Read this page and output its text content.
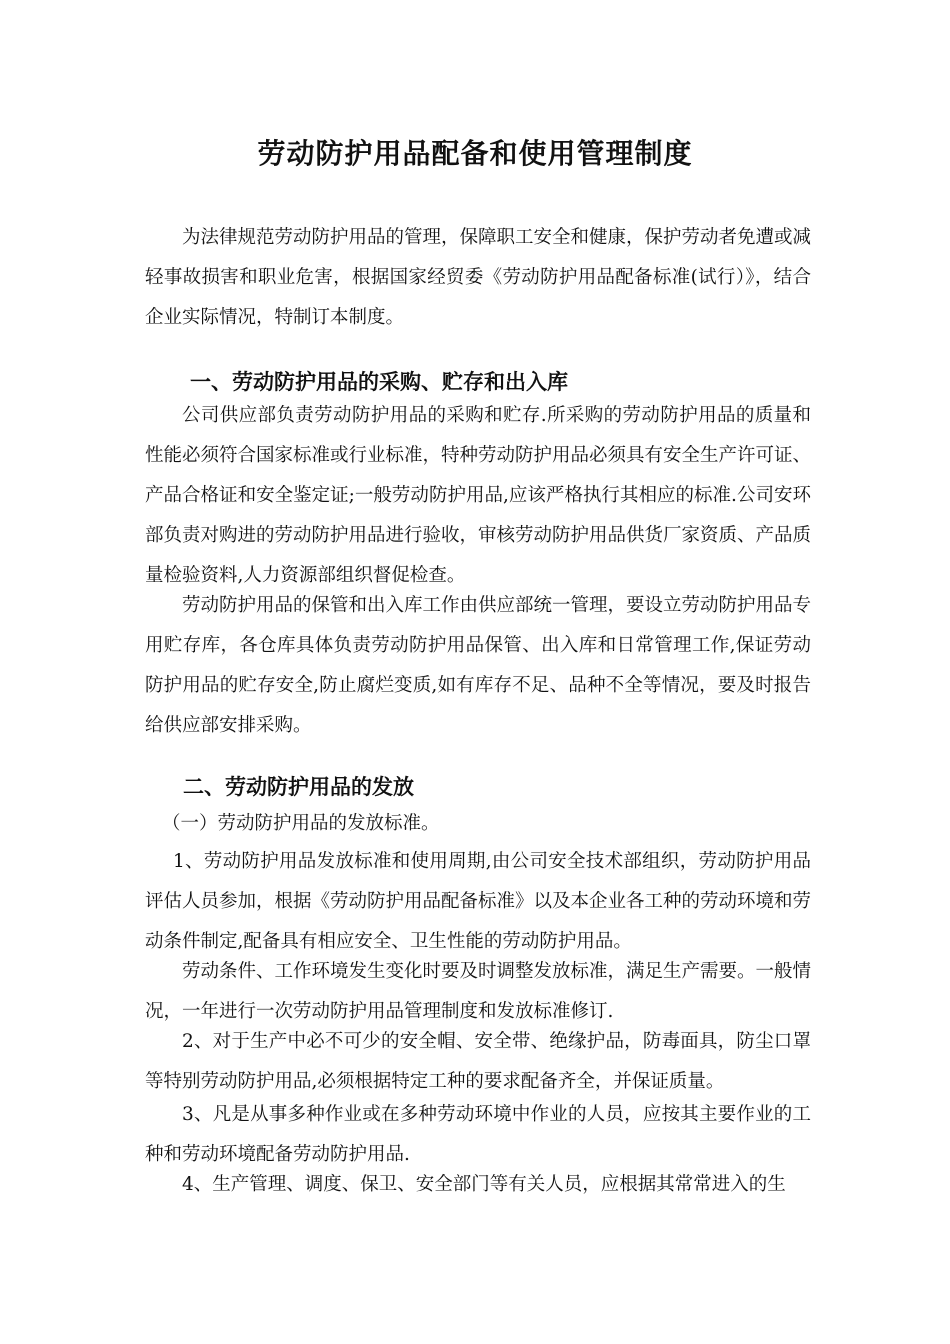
劳动防护用品配备和使用管理制度

为法律规范劳动防护用品的管理，保障职工安全和健康，保护劳动者免遭或减轻事故损害和职业危害，根据国家经贸委《劳动防护用品配备标准(试行）》，结合企业实际情况，特制订本制度。

一、劳动防护用品的采购、贮存和出入库

公司供应部负责劳动防护用品的采购和贮存.所采购的劳动防护用品的质量和性能必须符合国家标准或行业标准，特种劳动防护用品必须具有安全生产许可证、产品合格证和安全鉴定证;一般劳动防护用品,应该严格执行其相应的标准.公司安环部负责对购进的劳动防护用品进行验收，审核劳动防护用品供货厂家资质、产品质量检验资料,人力资源部组织督促检查。

劳动防护用品的保管和出入库工作由供应部统一管理，要设立劳动防护用品专用贮存库，各仓库具体负责劳动防护用品保管、出入库和日常管理工作,保证劳动防护用品的贮存安全,防止腐烂变质,如有库存不足、品种不全等情况，要及时报告给供应部安排采购。

二、劳动防护用品的发放

（一）劳动防护用品的发放标准。

1、劳动防护用品发放标准和使用周期,由公司安全技术部组织，劳动防护用品评估人员参加，根据《劳动防护用品配备标准》以及本企业各工种的劳动环境和劳动条件制定,配备具有相应安全、卫生性能的劳动防护用品。

劳动条件、工作环境发生变化时要及时调整发放标准，满足生产需要。一般情况，一年进行一次劳动防护用品管理制度和发放标准修订.

2、对于生产中必不可少的安全帽、安全带、绝缘护品，防毒面具，防尘口罩等特别劳动防护用品,必须根据特定工种的要求配备齐全，并保证质量。

3、凡是从事多种作业或在多种劳动环境中作业的人员，应按其主要作业的工种和劳动环境配备劳动防护用品.

4、生产管理、调度、保卫、安全部门等有关人员，应根据其常常进入的生
